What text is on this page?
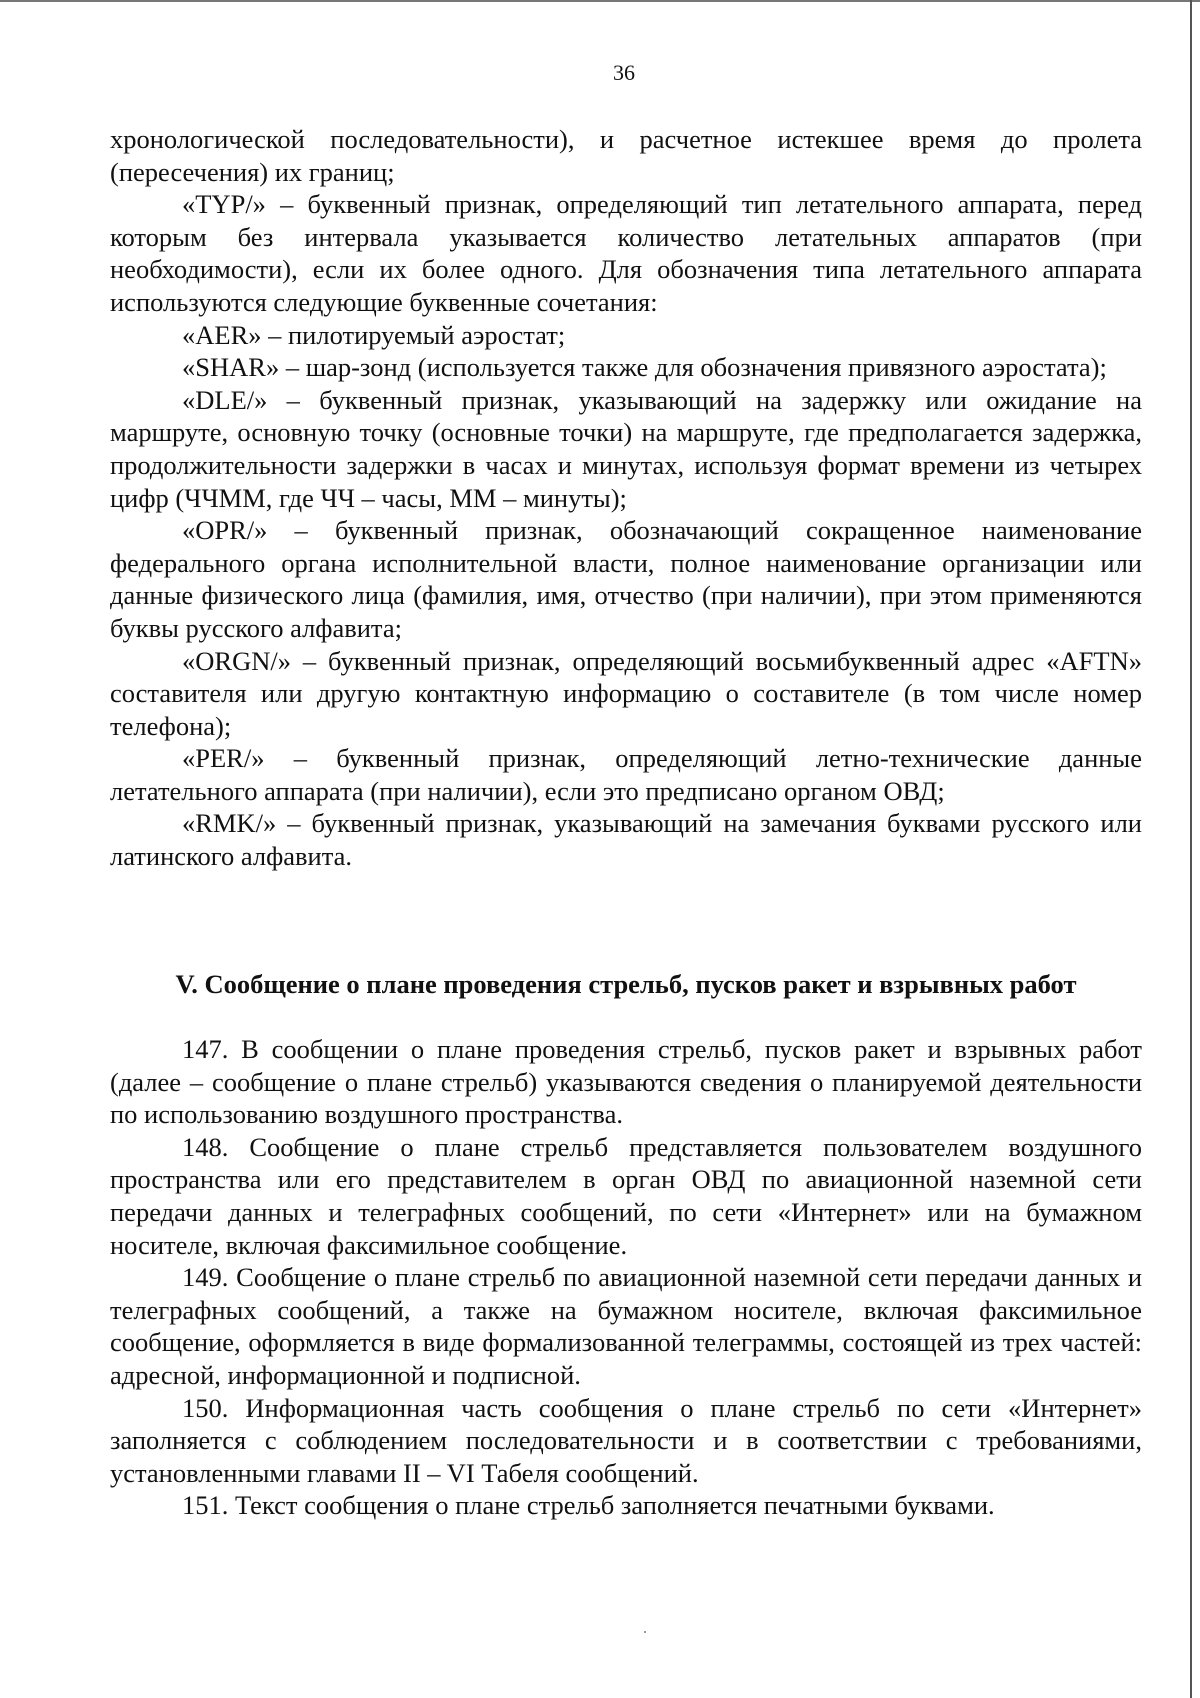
36

хронологической последовательности), и расчетное истекшее время до пролета (пересечения) их границ;

«TYP/» – буквенный признак, определяющий тип летательного аппарата, перед которым без интервала указывается количество летательных аппаратов (при необходимости), если их более одного. Для обозначения типа летательного аппарата используются следующие буквенные сочетания:

«AER» – пилотируемый аэростат;

«SHAR» – шар-зонд (используется также для обозначения привязного аэростата);

«DLE/» – буквенный признак, указывающий на задержку или ожидание на маршруте, основную точку (основные точки) на маршруте, где предполагается задержка, продолжительности задержки в часах и минутах, используя формат времени из четырех цифр (ЧЧММ, где ЧЧ – часы, ММ – минуты);

«OPR/» – буквенный признак, обозначающий сокращенное наименование федерального органа исполнительной власти, полное наименование организации или данные физического лица (фамилия, имя, отчество (при наличии), при этом применяются буквы русского алфавита;

«ORGN/» – буквенный признак, определяющий восьмибуквенный адрес «AFTN» составителя или другую контактную информацию о составителе (в том числе номер телефона);

«PER/» – буквенный признак, определяющий летно-технические данные летательного аппарата (при наличии), если это предписано органом ОВД;

«RMK/» – буквенный признак, указывающий на замечания буквами русского или латинского алфавита.

V. Сообщение о плане проведения стрельб, пусков ракет и взрывных работ

147. В сообщении о плане проведения стрельб, пусков ракет и взрывных работ (далее – сообщение о плане стрельб) указываются сведения о планируемой деятельности по использованию воздушного пространства.

148. Сообщение о плане стрельб представляется пользователем воздушного пространства или его представителем в орган ОВД по авиационной наземной сети передачи данных и телеграфных сообщений, по сети «Интернет» или на бумажном носителе, включая факсимильное сообщение.

149. Сообщение о плане стрельб по авиационной наземной сети передачи данных и телеграфных сообщений, а также на бумажном носителе, включая факсимильное сообщение, оформляется в виде формализованной телеграммы, состоящей из трех частей: адресной, информационной и подписной.

150. Информационная часть сообщения о плане стрельб по сети «Интернет» заполняется с соблюдением последовательности и в соответствии с требованиями, установленными главами II – VI Табеля сообщений.

151. Текст сообщения о плане стрельб заполняется печатными буквами.
